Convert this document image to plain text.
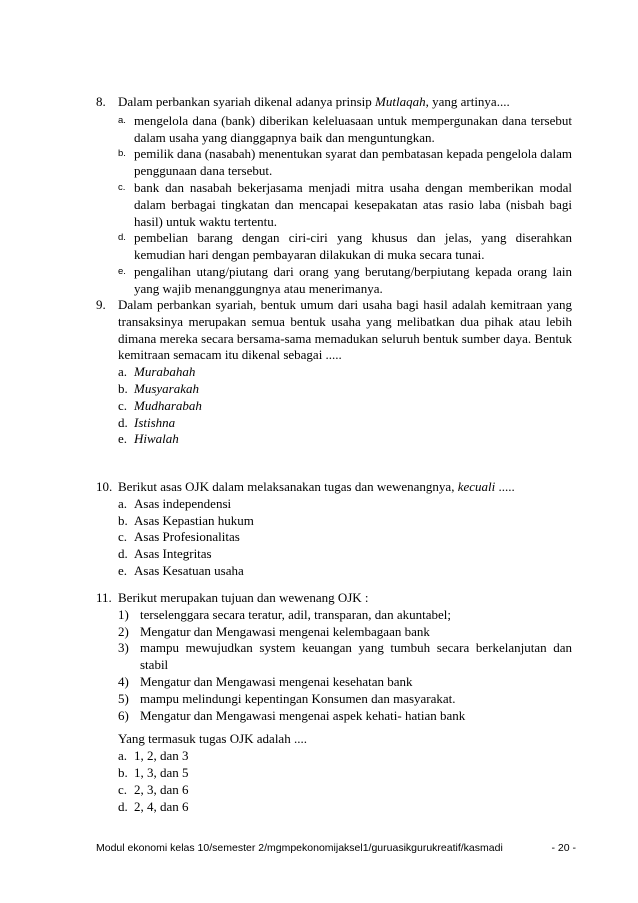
8. Dalam perbankan syariah dikenal adanya prinsip Mutlaqah, yang artinya....
a. mengelola dana (bank) diberikan keleluasaan untuk mempergunakan dana tersebut dalam usaha yang dianggapnya baik dan menguntungkan.
b. pemilik dana (nasabah) menentukan syarat dan pembatasan kepada pengelola dalam penggunaan dana tersebut.
c. bank dan nasabah bekerjasama menjadi mitra usaha dengan memberikan modal dalam berbagai tingkatan dan mencapai kesepakatan atas rasio laba (nisbah bagi hasil) untuk waktu tertentu.
d. pembelian barang dengan ciri-ciri yang khusus dan jelas, yang diserahkan kemudian hari dengan pembayaran dilakukan di muka secara tunai.
e. pengalihan utang/piutang dari orang yang berutang/berpiutang kepada orang lain yang wajib menanggungnya atau menerimanya.
9. Dalam perbankan syariah, bentuk umum dari usaha bagi hasil adalah kemitraan yang transaksinya merupakan semua bentuk usaha yang melibatkan dua pihak atau lebih dimana mereka secara bersama-sama memadukan seluruh bentuk sumber daya. Bentuk kemitraan semacam itu dikenal sebagai .....
a. Murabahah
b. Musyarakah
c. Mudharabah
d. Istishna
e. Hiwalah
10. Berikut asas OJK dalam melaksanakan tugas dan wewenangnya, kecuali .....
a. Asas independensi
b. Asas Kepastian hukum
c. Asas Profesionalitas
d. Asas Integritas
e. Asas Kesatuan usaha
11. Berikut merupakan tujuan dan wewenang OJK :
1) terselenggara secara teratur, adil, transparan, dan akuntabel;
2) Mengatur dan Mengawasi mengenai kelembagaan bank
3) mampu mewujudkan system keuangan yang tumbuh secara berkelanjutan dan stabil
4) Mengatur dan Mengawasi mengenai kesehatan bank
5) mampu melindungi kepentingan Konsumen dan masyarakat.
6) Mengatur dan Mengawasi mengenai aspek kehati- hatian bank
Yang termasuk tugas OJK adalah ....
a. 1, 2, dan 3
b. 1, 3, dan 5
c. 2, 3, dan 6
d. 2, 4, dan 6
Modul ekonomi kelas 10/semester 2/mgmpekonomijaksel1/guruasikgurukreatif/kasmadi	- 20 -
